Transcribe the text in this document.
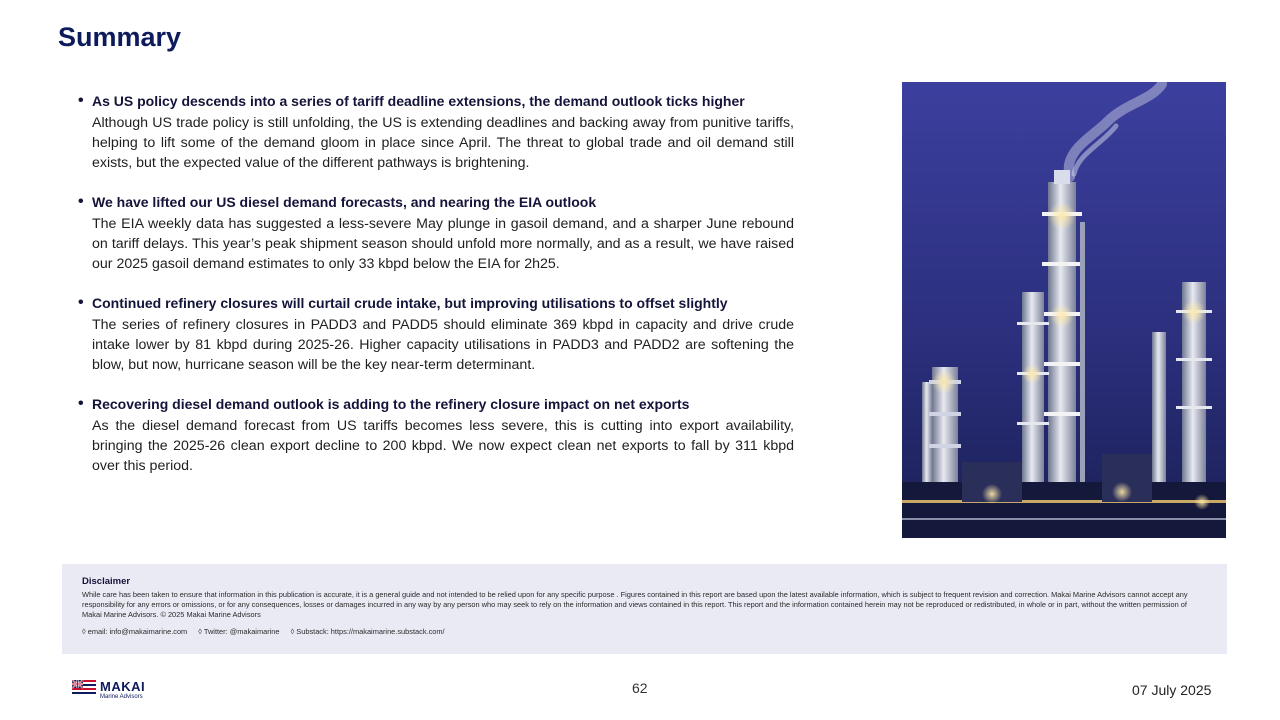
Summary
• As US policy descends into a series of tariff deadline extensions, the demand outlook ticks higher
Although US trade policy is still unfolding, the US is extending deadlines and backing away from punitive tariffs, helping to lift some of the demand gloom in place since April. The threat to global trade and oil demand still exists, but the expected value of the different pathways is brightening.
• We have lifted our US diesel demand forecasts, and nearing the EIA outlook
The EIA weekly data has suggested a less-severe May plunge in gasoil demand, and a sharper June rebound on tariff delays. This year’s peak shipment season should unfold more normally, and as a result, we have raised our 2025 gasoil demand estimates to only 33 kbpd below the EIA for 2h25.
• Continued refinery closures will curtail crude intake, but improving utilisations to offset slightly
The series of refinery closures in PADD3 and PADD5 should eliminate 369 kbpd in capacity and drive crude intake lower by 81 kbpd during 2025-26. Higher capacity utilisations in PADD3 and PADD2 are softening the blow, but now, hurricane season will be the key near-term determinant.
• Recovering diesel demand outlook is adding to the refinery closure impact on net exports
As the diesel demand forecast from US tariffs becomes less severe, this is cutting into export availability, bringing the 2025-26 clean export decline to 200 kbpd. We now expect clean net exports to fall by 311 kbpd over this period.
Disclaimer
While care has been taken to ensure that information in this publication is accurate, it is a general guide and not intended to be relied upon for any specific purpose . Figures contained in this report are based upon the latest available information, which is subject to frequent revision and correction. Makai Marine Advisors cannot accept any responsibility for any errors or omissions, or for any consequences, losses or damages incurred in any way by any person who may seek to rely on the information and views contained in this report. This report and the information contained herein may not be reproduced or redistributed, in whole or in part, without the written permission of Makai Marine Advisors. © 2025 Makai Marine Advisors
◊ email: info@makaimarine.com ◊ Twitter: @makaimarine ◊ Substack: https://makaimarine.substack.com/
MAKAI
Marine Advisors
62	07 July 2025
